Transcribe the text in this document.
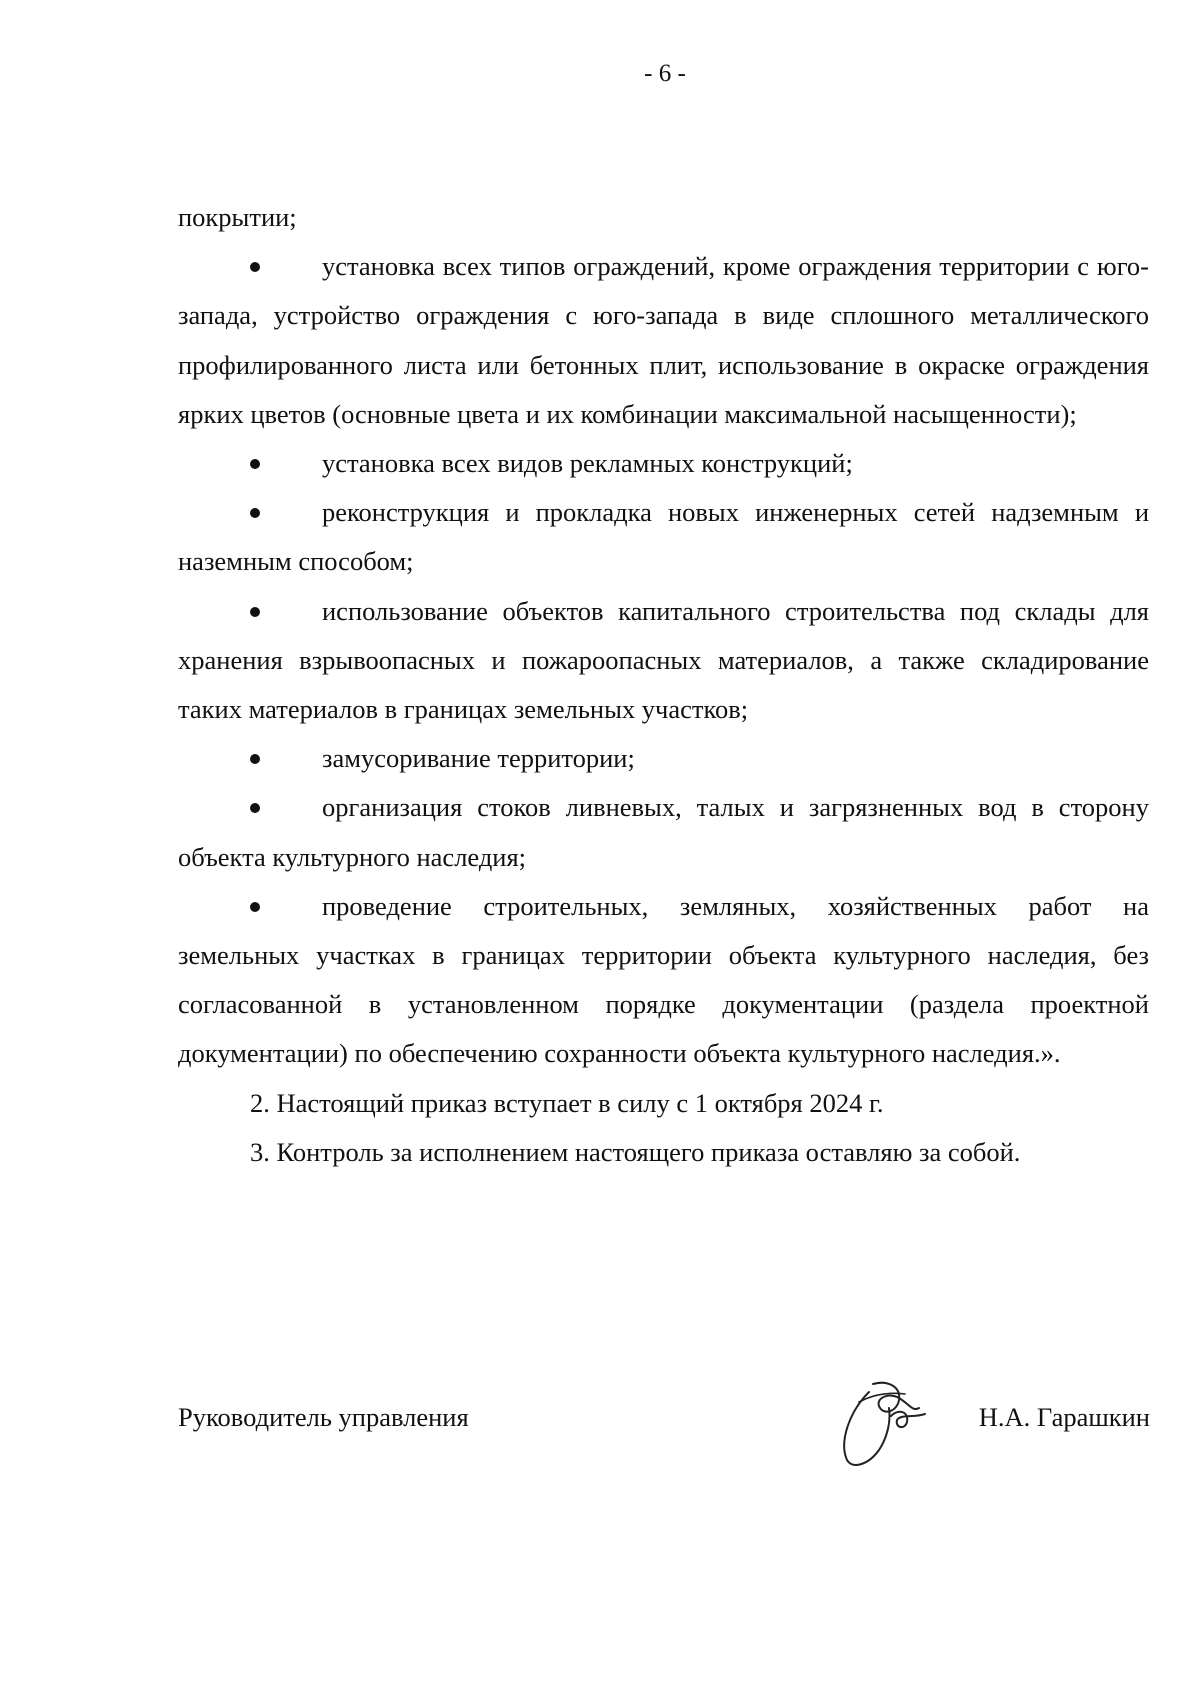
- 6 -

покрытии;

установка всех типов ограждений, кроме ограждения территории с юго-запада, устройство ограждения с юго-запада в виде сплошного металлического профилированного листа или бетонных плит, использование в окраске ограждения ярких цветов (основные цвета и их комбинации максимальной насыщенности);

установка всех видов рекламных конструкций;

реконструкция и прокладка новых инженерных сетей надземным и наземным способом;

использование объектов капитального строительства под склады для хранения взрывоопасных и пожароопасных материалов, а также складирование таких материалов в границах земельных участков;

замусоривание территории;

организация стоков ливневых, талых и загрязненных вод в сторону объекта культурного наследия;

проведение строительных, земляных, хозяйственных работ на земельных участках в границах территории объекта культурного наследия, без согласованной в установленном порядке документации (раздела проектной документации) по обеспечению сохранности объекта культурного наследия.».

2. Настоящий приказ вступает в силу с 1 октября 2024 г.

3. Контроль за исполнением настоящего приказа оставляю за собой.

Руководитель управления	Н.А. Гарашкин
